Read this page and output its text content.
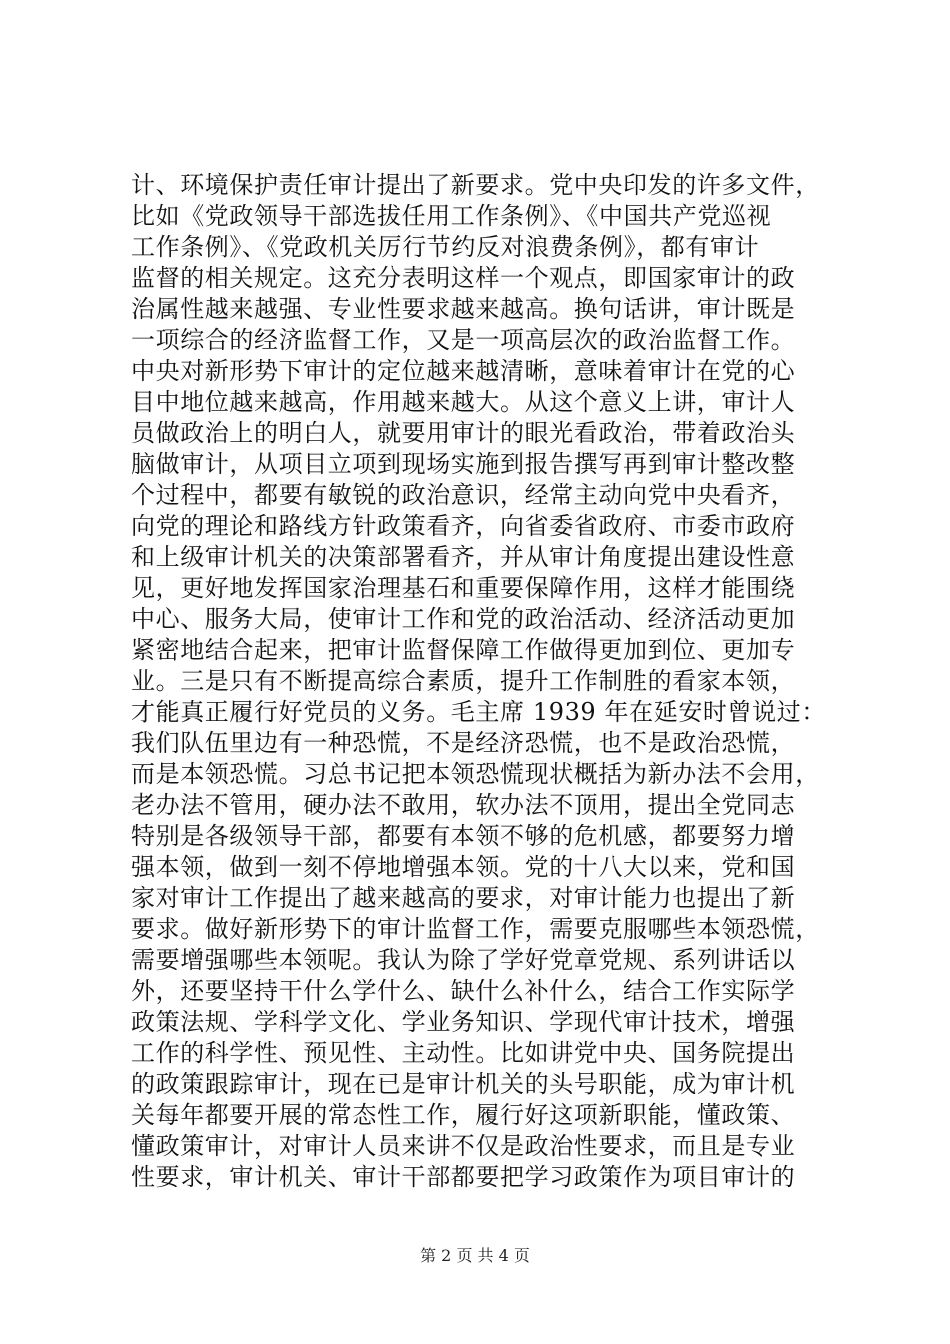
计、环境保护责任审计提出了新要求。党中央印发的许多文件，
比如《党政领导干部选拔任用工作条例》、《中国共产党巡视
工作条例》、《党政机关厉行节约反对浪费条例》，都有审计
监督的相关规定。这充分表明这样一个观点，即国家审计的政
治属性越来越强、专业性要求越来越高。换句话讲，审计既是
一项综合的经济监督工作，又是一项高层次的政治监督工作。
中央对新形势下审计的定位越来越清晰，意味着审计在党的心
目中地位越来越高，作用越来越大。从这个意义上讲，审计人
员做政治上的明白人，就要用审计的眼光看政治，带着政治头
脑做审计，从项目立项到现场实施到报告撰写再到审计整改整
个过程中，都要有敏锐的政治意识，经常主动向党中央看齐，
向党的理论和路线方针政策看齐，向省委省政府、市委市政府
和上级审计机关的决策部署看齐，并从审计角度提出建设性意
见，更好地发挥国家治理基石和重要保障作用，这样才能围绕
中心、服务大局，使审计工作和党的政治活动、经济活动更加
紧密地结合起来，把审计监督保障工作做得更加到位、更加专
业。三是只有不断提高综合素质，提升工作制胜的看家本领，
才能真正履行好党员的义务。毛主席 1939 年在延安时曾说过：
我们队伍里边有一种恐慌，不是经济恐慌，也不是政治恐慌，
而是本领恐慌。习总书记把本领恐慌现状概括为新办法不会用，
老办法不管用，硬办法不敢用，软办法不顶用，提出全党同志
特别是各级领导干部，都要有本领不够的危机感，都要努力增
强本领，做到一刻不停地增强本领。党的十八大以来，党和国
家对审计工作提出了越来越高的要求，对审计能力也提出了新
要求。做好新形势下的审计监督工作，需要克服哪些本领恐慌，
需要增强哪些本领呢。我认为除了学好党章党规、系列讲话以
外，还要坚持干什么学什么、缺什么补什么，结合工作实际学
政策法规、学科学文化、学业务知识、学现代审计技术，增强
工作的科学性、预见性、主动性。比如讲党中央、国务院提出
的政策跟踪审计，现在已是审计机关的头号职能，成为审计机
关每年都要开展的常态性工作，履行好这项新职能，懂政策、
懂政策审计，对审计人员来讲不仅是政治性要求，而且是专业
性要求，审计机关、审计干部都要把学习政策作为项目审计的
第 2 页 共 4 页
